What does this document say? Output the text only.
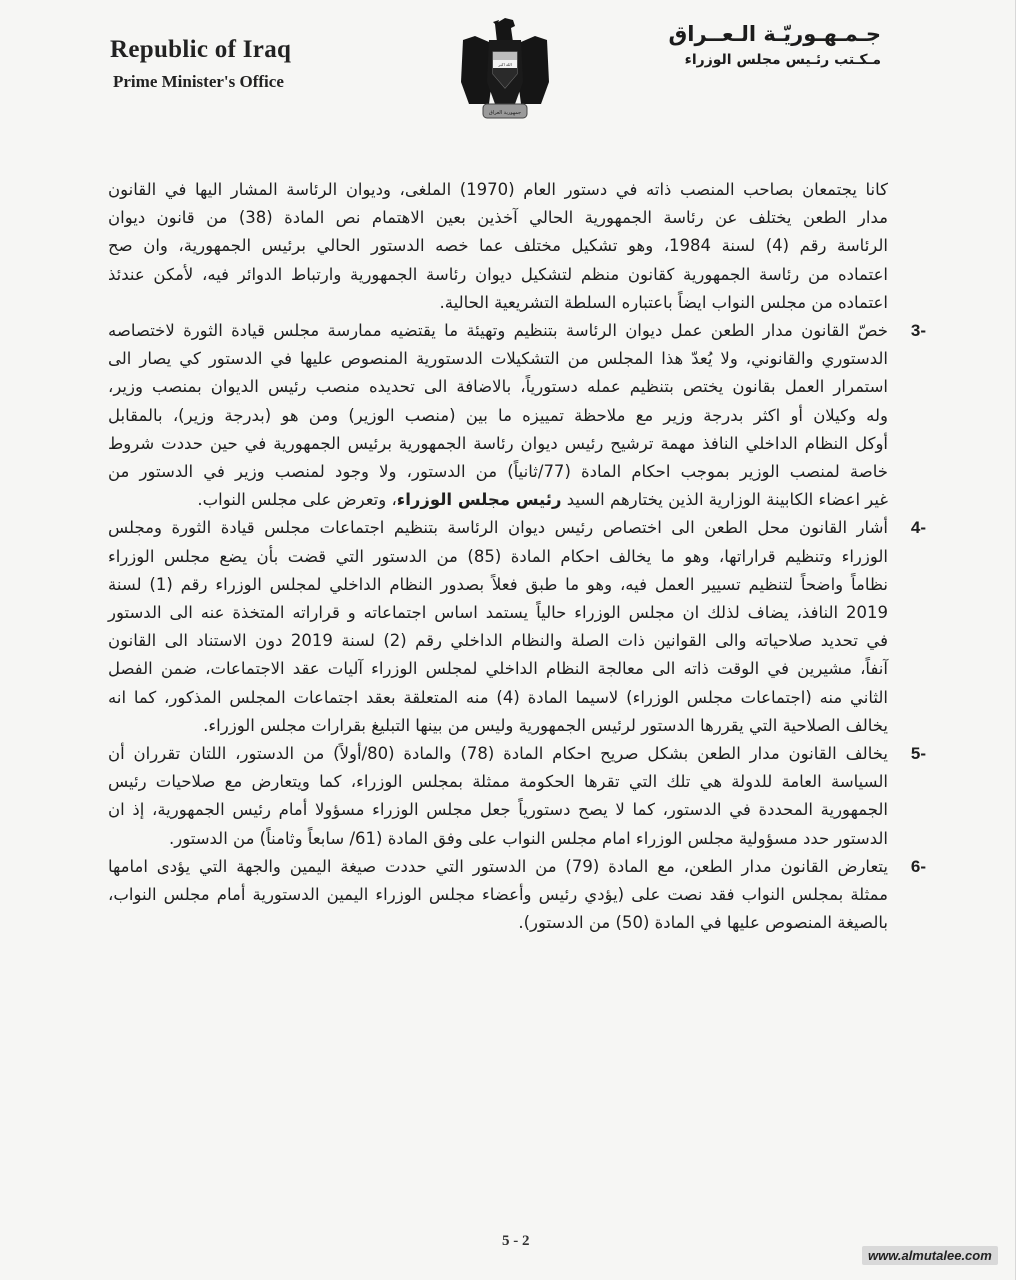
Republic of Iraq
Prime Minister's Office
الله اكبر
جمهورية العراق
جـمـهـوريّـة الـعــراق
مـكـتب رئـيس مجلس الوزراء
كانا يجتمعان بصاحب المنصب ذاته في دستور العام (1970) الملغى، وديوان الرئاسة المشار اليها في القانون
مدار الطعن يختلف عن رئاسة الجمهورية الحالي آخذين بعين الاهتمام نص المادة (38) من قانون ديوان
الرئاسة رقم (4) لسنة 1984، وهو تشكيل مختلف عما خصه الدستور الحالي برئيس الجمهورية، وان صح
اعتماده من رئاسة الجمهورية كقانون منظم لتشكيل ديوان رئاسة الجمهورية وارتباط الدوائر فيه، لأمكن عندئذ
اعتماده من مجلس النواب ايضاً باعتباره السلطة التشريعية الحالية.
3-
خصّ القانون مدار الطعن عمل ديوان الرئاسة بتنظيم وتهيئة ما يقتضيه ممارسة مجلس قيادة الثورة لاختصاصه
الدستوري والقانوني، ولا يُعدّ هذا المجلس من التشكيلات الدستورية المنصوص عليها في الدستور كي يصار الى
استمرار العمل بقانون يختص بتنظيم عمله دستورياً، بالاضافة الى تحديده منصب رئيس الديوان بمنصب وزير،
وله وكيلان أو اكثر بدرجة وزير مع ملاحظة تمييزه ما بين (منصب الوزير) ومن هو (بدرجة وزير)، بالمقابل
أوكل النظام الداخلي النافذ مهمة ترشيح رئيس ديوان رئاسة الجمهورية برئيس الجمهورية في حين حددت شروط
خاصة لمنصب الوزير بموجب احكام المادة (77/ثانياً) من الدستور، ولا وجود لمنصب وزير في الدستور من
غير اعضاء الكابينة الوزارية الذين يختارهم السيد رئيس مجلس الوزراء، وتعرض على مجلس النواب.
4-
أشار القانون محل الطعن الى اختصاص رئيس ديوان الرئاسة بتنظيم اجتماعات مجلس قيادة الثورة ومجلس
الوزراء وتنظيم قراراتها، وهو ما يخالف احكام المادة (85) من الدستور التي قضت بأن يضع مجلس الوزراء
نظاماً واضحاً لتنظيم تسيير العمل فيه، وهو ما طبق فعلاً بصدور النظام الداخلي لمجلس الوزراء رقم (1) لسنة
2019 النافذ، يضاف لذلك ان مجلس الوزراء حالياً يستمد اساس اجتماعاته و قراراته المتخذة عنه الى الدستور
في تحديد صلاحياته والى القوانين ذات الصلة والنظام الداخلي رقم (2) لسنة 2019 دون الاستناد الى القانون
آنفاً، مشيرين في الوقت ذاته الى معالجة النظام الداخلي لمجلس الوزراء آليات عقد الاجتماعات، ضمن الفصل
الثاني منه (اجتماعات مجلس الوزراء) لاسيما المادة (4) منه المتعلقة بعقد اجتماعات المجلس المذكور، كما انه
يخالف الصلاحية التي يقررها الدستور لرئيس الجمهورية وليس من بينها التبليغ بقرارات مجلس الوزراء.
5-
يخالف القانون مدار الطعن بشكل صريح احكام المادة (78) والمادة (80/أولاً) من الدستور، اللتان تقرران أن
السياسة العامة للدولة هي تلك التي تقرها الحكومة ممثلة بمجلس الوزراء، كما ويتعارض مع صلاحيات رئيس
الجمهورية المحددة في الدستور، كما لا يصح دستورياً جعل مجلس الوزراء مسؤولا أمام رئيس الجمهورية، إذ ان
الدستور حدد مسؤولية مجلس الوزراء امام مجلس النواب على وفق المادة (61/ سابعاً وثامناً) من الدستور.
6-
يتعارض القانون مدار الطعن، مع المادة (79) من الدستور التي حددت صيغة اليمين والجهة التي يؤدى امامها
ممثلة بمجلس النواب فقد نصت على (يؤدي رئيس وأعضاء مجلس الوزراء اليمين الدستورية أمام مجلس النواب،
بالصيغة المنصوص عليها في المادة (50) من الدستور).
5 - 2
www.almutalee.com
